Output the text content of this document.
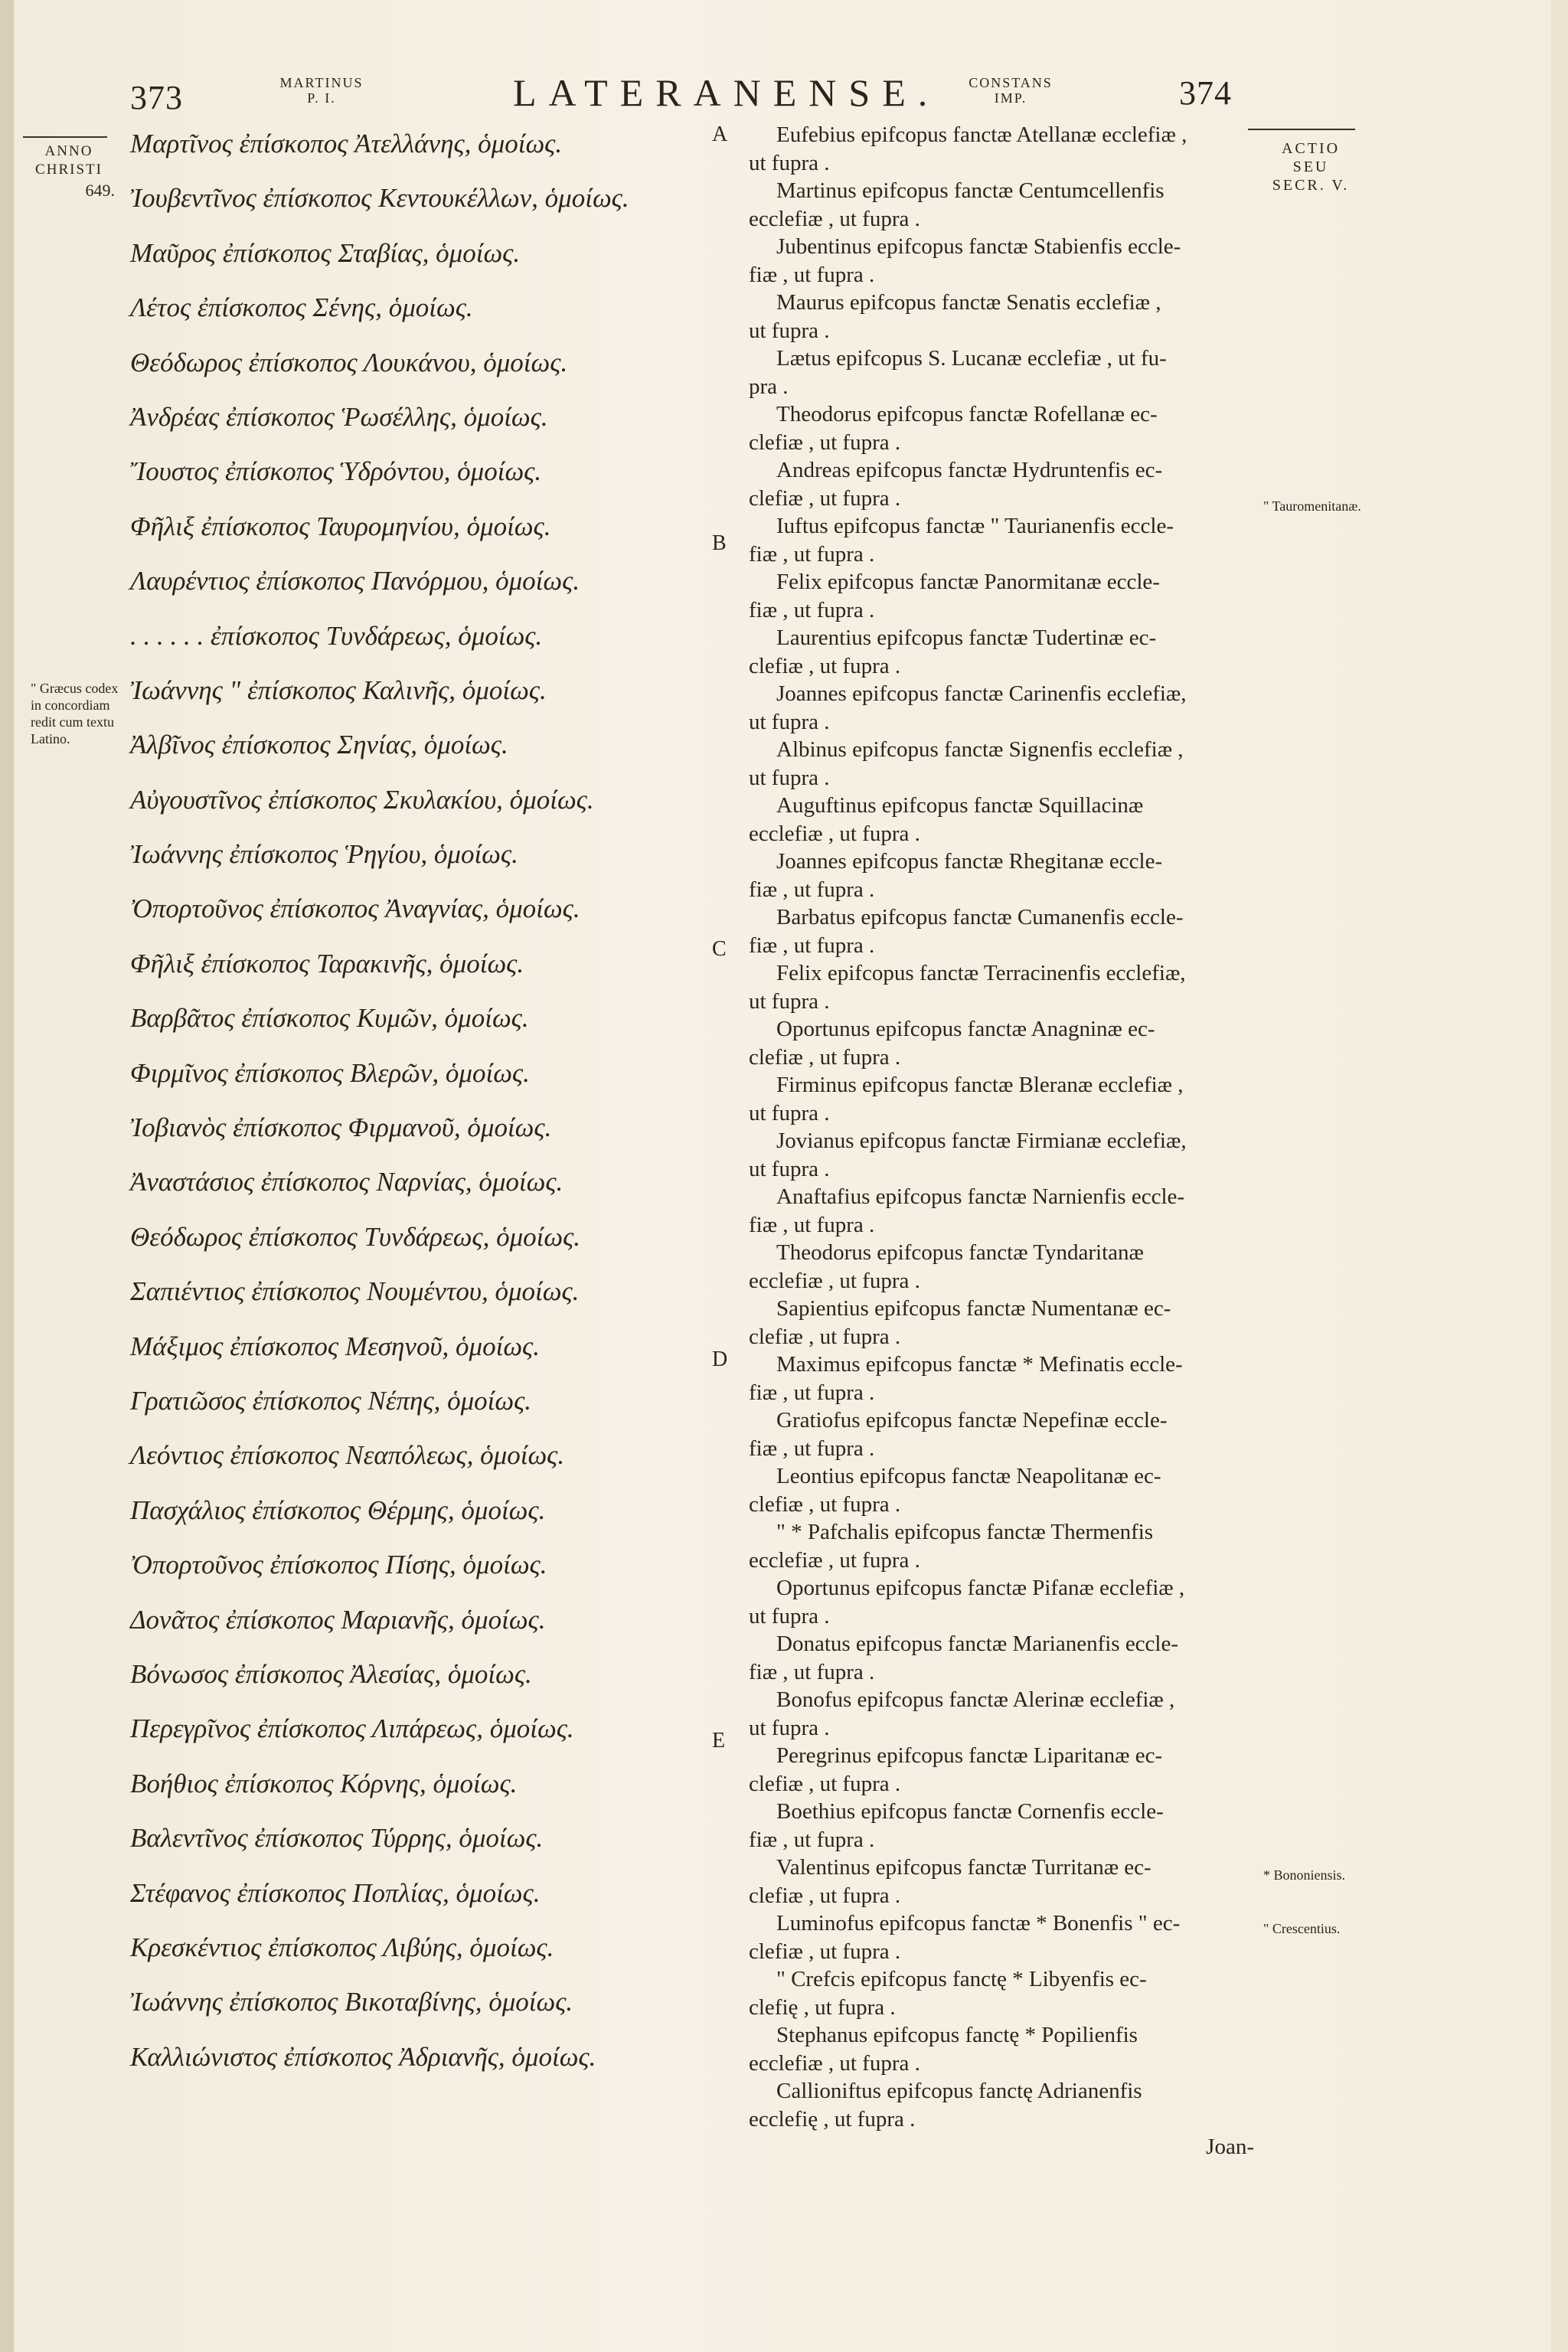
373	MARTINUS
P. I.	LATERANENSE.	CONSTANS
IMP.	374
ANNO
CHRISTI
649.
" Græcus codex in concordiam redit cum textu Latino.
Μαρτῖνος ἐπίσκοπος Ἀτελλάνης, ὁμοίως.
Ἰουβεντῖνος ἐπίσκοπος Κεντουκέλλων, ὁμοίως.
Μαῦρος ἐπίσκοπος Σταβίας, ὁμοίως.
Λέτος ἐπίσκοπος Σένης, ὁμοίως.
Θεόδωρος ἐπίσκοπος Λουκάνου, ὁμοίως.
Ἀνδρέας ἐπίσκοπος Ῥωσέλλης, ὁμοίως.
Ἴουστος ἐπίσκοπος Ὑδρόντου, ὁμοίως.
Φῆλιξ ἐπίσκοπος Ταυρομηνίου, ὁμοίως.
Λαυρέντιος ἐπίσκοπος Πανόρμου, ὁμοίως.
. . . . . . ἐπίσκοπος Τυνδάρεως, ὁμοίως.
Ἰωάννης " ἐπίσκοπος Καλινῆς, ὁμοίως.
Ἀλβῖνος ἐπίσκοπος Σηνίας, ὁμοίως.
Αὐγουστῖνος ἐπίσκοπος Σκυλακίου, ὁμοίως.
Ἰωάννης ἐπίσκοπος Ῥηγίου, ὁμοίως.
Ὀπορτοῦνος ἐπίσκοπος Ἀναγνίας, ὁμοίως.
Φῆλιξ ἐπίσκοπος Ταρακινῆς, ὁμοίως.
Βαρβᾶτος ἐπίσκοπος Κυμῶν, ὁμοίως.
Φιρμῖνος ἐπίσκοπος Βλερῶν, ὁμοίως.
Ἰοβιανὸς ἐπίσκοπος Φιρμανοῦ, ὁμοίως.
Ἀναστάσιος ἐπίσκοπος Ναρνίας, ὁμοίως.
Θεόδωρος ἐπίσκοπος Τυνδάρεως, ὁμοίως.
Σαπιέντιος ἐπίσκοπος Νουμέντου, ὁμοίως.
Μάξιμος ἐπίσκοπος Μεσηνοῦ, ὁμοίως.
Γρατιῶσος ἐπίσκοπος Νέπης, ὁμοίως.
Λεόντιος ἐπίσκοπος Νεαπόλεως, ὁμοίως.
Πασχάλιος ἐπίσκοπος Θέρμης, ὁμοίως.
Ὀπορτοῦνος ἐπίσκοπος Πίσης, ὁμοίως.
Δονᾶτος ἐπίσκοπος Μαριανῆς, ὁμοίως.
Βόνωσος ἐπίσκοπος Ἀλεσίας, ὁμοίως.
Περεγρῖνος ἐπίσκοπος Λιπάρεως, ὁμοίως.
Βοήθιος ἐπίσκοπος Κόρνης, ὁμοίως.
Βαλεντῖνος ἐπίσκοπος Τύρρης, ὁμοίως.
Στέφανος ἐπίσκοπος Ποπλίας, ὁμοίως.
Κρεσκέντιος ἐπίσκοπος Λιβύης, ὁμοίως.
Ἰωάννης ἐπίσκοπος Βικοταβίνης, ὁμοίως.
Καλλιώνιστος ἐπίσκοπος Ἀδριανῆς, ὁμοίως.
A
B
C
D
E
Eufebius epifcopus fanctæ Atellanæ ecclefiæ ,
ut fupra .
Martinus epifcopus fanctæ Centumcellenfis
ecclefiæ , ut fupra .
Jubentinus epifcopus fanctæ Stabienfis eccle-
fiæ , ut fupra .
Maurus epifcopus fanctæ Senatis ecclefiæ ,
ut fupra .
Lætus epifcopus S. Lucanæ ecclefiæ , ut fu-
pra .
Theodorus epifcopus fanctæ Rofellanæ ec-
clefiæ , ut fupra .
Andreas epifcopus fanctæ Hydruntenfis ec-
clefiæ , ut fupra .
Iuftus epifcopus fanctæ " Taurianenfis eccle-
fiæ , ut fupra .
Felix epifcopus fanctæ Panormitanæ eccle-
fiæ , ut fupra .
Laurentius epifcopus fanctæ Tudertinæ ec-
clefiæ , ut fupra .
Joannes epifcopus fanctæ Carinenfis ecclefiæ,
ut fupra .
Albinus epifcopus fanctæ Signenfis ecclefiæ ,
ut fupra .
Auguftinus epifcopus fanctæ Squillacinæ
ecclefiæ , ut fupra .
Joannes epifcopus fanctæ Rhegitanæ eccle-
fiæ , ut fupra .
Barbatus epifcopus fanctæ Cumanenfis eccle-
fiæ , ut fupra .
Felix epifcopus fanctæ Terracinenfis ecclefiæ,
ut fupra .
Oportunus epifcopus fanctæ Anagninæ ec-
clefiæ , ut fupra .
Firminus epifcopus fanctæ Bleranæ ecclefiæ ,
ut fupra .
Jovianus epifcopus fanctæ Firmianæ ecclefiæ,
ut fupra .
Anaftafius epifcopus fanctæ Narnienfis eccle-
fiæ , ut fupra .
Theodorus epifcopus fanctæ Tyndaritanæ
ecclefiæ , ut fupra .
Sapientius epifcopus fanctæ Numentanæ ec-
clefiæ , ut fupra .
Maximus epifcopus fanctæ * Mefinatis eccle-
fiæ , ut fupra .
Gratiofus epifcopus fanctæ Nepefinæ eccle-
fiæ , ut fupra .
Leontius epifcopus fanctæ Neapolitanæ ec-
clefiæ , ut fupra .
" * Pafchalis epifcopus fanctæ Thermenfis
ecclefiæ , ut fupra .
Oportunus epifcopus fanctæ Pifanæ ecclefiæ ,
ut fupra .
Donatus epifcopus fanctæ Marianenfis eccle-
fiæ , ut fupra .
Bonofus epifcopus fanctæ Alerinæ ecclefiæ ,
ut fupra .
Peregrinus epifcopus fanctæ Liparitanæ ec-
clefiæ , ut fupra .
Boethius epifcopus fanctæ Cornenfis eccle-
fiæ , ut fupra .
Valentinus epifcopus fanctæ Turritanæ ec-
clefiæ , ut fupra .
Luminofus epifcopus fanctæ * Bonenfis " ec-
clefiæ , ut fupra .
" Crefcis epifcopus fanctę * Libyenfis ec-
clefię , ut fupra .
Stephanus epifcopus fanctę * Popilienfis
ecclefiæ , ut fupra .
Callioniftus epifcopus fanctę Adrianenfis
ecclefię , ut fupra .
Joan-
ACTIO
SEU
SECR. V.
" Tauromenitanæ.
* Bononiensis.
" Crescentius.
